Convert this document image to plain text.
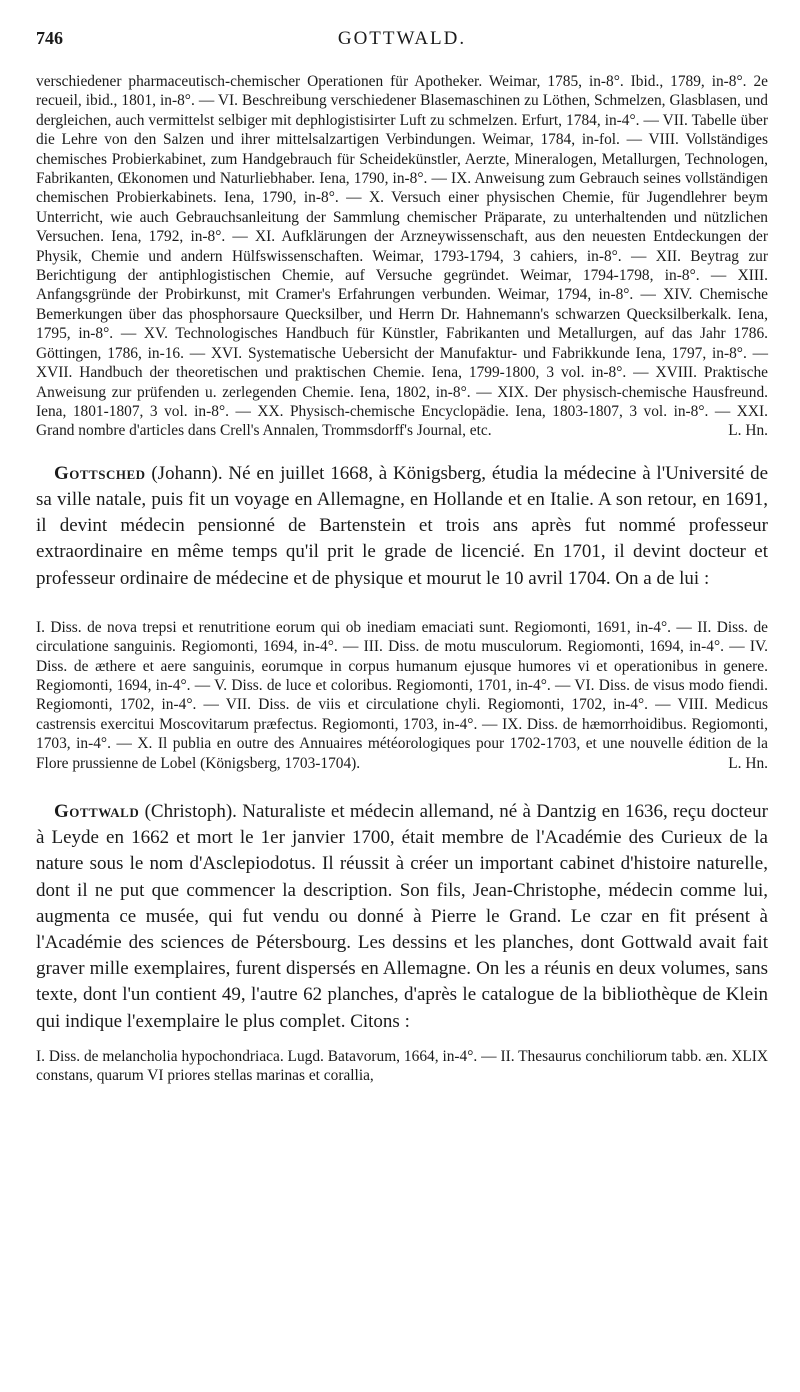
746	GOTTWALD.
verschiedener pharmaceutisch-chemischer Operationen für Apotheker. Weimar, 1785, in-8°. Ibid., 1789, in-8°. 2e recueil, ibid., 1801, in-8°. — VI. Beschreibung verschiedener Blasemaschinen zu Löthen, Schmelzen, Glasblasen, und dergleichen, auch vermittelst selbiger mit dephlogistisirter Luft zu schmelzen. Erfurt, 1784, in-4°. — VII. Tabelle über die Lehre von den Salzen und ihrer mittelsalzartigen Verbindungen. Weimar, 1784, in-fol. — VIII. Vollständiges chemisches Probierkabinet, zum Handgebrauch für Scheidekünstler, Aerzte, Mineralogen, Metallurgen, Technologen, Fabrikanten, Œkonomen und Naturliebhaber. Iena, 1790, in-8°. — IX. Anweisung zum Gebrauch seines vollständigen chemischen Probierkabinets. Iena, 1790, in-8°. — X. Versuch einer physischen Chemie, für Jugendlehrer beym Unterricht, wie auch Gebrauchsanleitung der Sammlung chemischer Präparate, zu unterhaltenden und nützlichen Versuchen. Iena, 1792, in-8°. — XI. Aufklärungen der Arzneywissenschaft, aus den neuesten Entdeckungen der Physik, Chemie und andern Hülfswissenschaften. Weimar, 1793-1794, 3 cahiers, in-8°. — XII. Beytrag zur Berichtigung der antiphlogistischen Chemie, auf Versuche gegründet. Weimar, 1794-1798, in-8°. — XIII. Anfangsgründe der Probirkunst, mit Cramer's Erfahrungen verbunden. Weimar, 1794, in-8°. — XIV. Chemische Bemerkungen über das phosphorsaure Quecksilber, und Herrn Dr. Hahnemann's schwarzen Quecksilberkalk. Iena, 1795, in-8°. — XV. Technologisches Handbuch für Künstler, Fabrikanten und Metallurgen, auf das Jahr 1786. Göttingen, 1786, in-16. — XVI. Systematische Uebersicht der Manufaktur- und Fabrikkunde Iena, 1797, in-8°. — XVII. Handbuch der theoretischen und praktischen Chemie. Iena, 1799-1800, 3 vol. in-8°. — XVIII. Praktische Anweisung zur prüfenden u. zerlegenden Chemie. Iena, 1802, in-8°. — XIX. Der physisch-chemische Hausfreund. Iena, 1801-1807, 3 vol. in-8°. — XX. Physisch-chemische Encyclopädie. Iena, 1803-1807, 3 vol. in-8°. — XXI. Grand nombre d'articles dans Crell's Annalen, Trommsdorff's Journal, etc.	L. Hn.
Gottsched (Johann). Né en juillet 1668, à Königsberg, étudia la médecine à l'Université de sa ville natale, puis fit un voyage en Allemagne, en Hollande et en Italie. A son retour, en 1691, il devint médecin pensionné de Bartenstein et trois ans après fut nommé professeur extraordinaire en même temps qu'il prit le grade de licencié. En 1701, il devint docteur et professeur ordinaire de médecine et de physique et mourut le 10 avril 1704. On a de lui :
I. Diss. de nova trepsi et renutritione eorum qui ob inediam emaciati sunt. Regiomonti, 1691, in-4°. — II. Diss. de circulatione sanguinis. Regiomonti, 1694, in-4°. — III. Diss. de motu musculorum. Regiomonti, 1694, in-4°. — IV. Diss. de æthere et aere sanguinis, eorumque in corpus humanum ejusque humores vi et operationibus in genere. Regiomonti, 1694, in-4°. — V. Diss. de luce et coloribus. Regiomonti, 1701, in-4°. — VI. Diss. de visus modo fiendi. Regiomonti, 1702, in-4°. — VII. Diss. de viis et circulatione chyli. Regiomonti, 1702, in-4°. — VIII. Medicus castrensis exercitui Moscovitarum præfectus. Regiomonti, 1703, in-4°. — IX. Diss. de hæmorrhoidibus. Regiomonti, 1703, in-4°. — X. Il publia en outre des Annuaires météorologiques pour 1702-1703, et une nouvelle édition de la Flore prussienne de Lobel (Königsberg, 1703-1704).	L. Hn.
Gottwald (Christoph). Naturaliste et médecin allemand, né à Dantzig en 1636, reçu docteur à Leyde en 1662 et mort le 1er janvier 1700, était membre de l'Académie des Curieux de la nature sous le nom d'Asclepiodotus. Il réussit à créer un important cabinet d'histoire naturelle, dont il ne put que commencer la description. Son fils, Jean-Christophe, médecin comme lui, augmenta ce musée, qui fut vendu ou donné à Pierre le Grand. Le czar en fit présent à l'Académie des sciences de Pétersbourg. Les dessins et les planches, dont Gottwald avait fait graver mille exemplaires, furent dispersés en Allemagne. On les a réunis en deux volumes, sans texte, dont l'un contient 49, l'autre 62 planches, d'après le catalogue de la bibliothèque de Klein qui indique l'exemplaire le plus complet. Citons :
I. Diss. de melancholia hypochondriaca. Lugd. Batavorum, 1664, in-4°. — II. Thesaurus conchiliorum tabb. æn. XLIX constans, quarum VI priores stellas marinas et corallia,
